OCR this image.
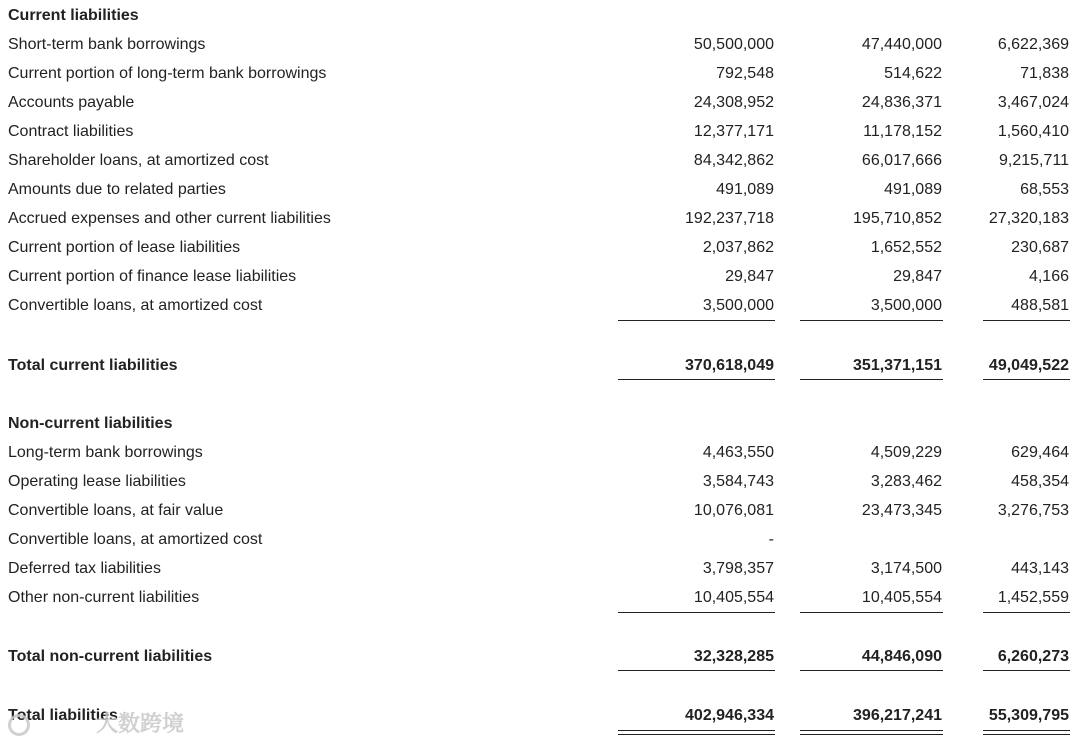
Current liabilities
Short-term bank borrowings	50,500,000	47,440,000	6,622,369
Current portion of long-term bank borrowings	792,548	514,622	71,838
Accounts payable	24,308,952	24,836,371	3,467,024
Contract liabilities	12,377,171	11,178,152	1,560,410
Shareholder loans, at amortized cost	84,342,862	66,017,666	9,215,711
Amounts due to related parties	491,089	491,089	68,553
Accrued expenses and other current liabilities	192,237,718	195,710,852	27,320,183
Current portion of lease liabilities	2,037,862	1,652,552	230,687
Current portion of finance lease liabilities	29,847	29,847	4,166
Convertible loans, at amortized cost	3,500,000	3,500,000	488,581
Total current liabilities	370,618,049	351,371,151	49,049,522
Non-current liabilities
Long-term bank borrowings	4,463,550	4,509,229	629,464
Operating lease liabilities	3,584,743	3,283,462	458,354
Convertible loans, at fair value	10,076,081	23,473,345	3,276,753
Convertible loans, at amortized cost	-
Deferred tax liabilities	3,798,357	3,174,500	443,143
Other non-current liabilities	10,405,554	10,405,554	1,452,559
Total non-current liabilities	32,328,285	44,846,090	6,260,273
Total liabilities	402,946,334	396,217,241	55,309,795
大数跨境
